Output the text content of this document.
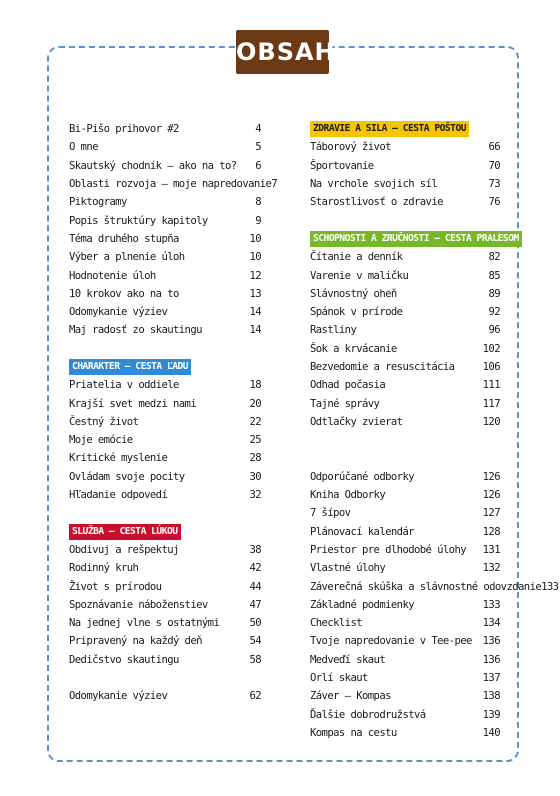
OBSAH
Bi-Pišo prihovor #2	4
O mne	5
Skautský chodník – ako na to? 6
Oblasti rozvoja – moje napredovanie 7
Piktogramy	8
Popis štruktúry kapitoly	9
Téma druhého stupňa	10
Výber a plnenie úloh	10
Hodnotenie úloh	12
10 krokov ako na to	13
Odomykanie výziev	14
Maj radosť zo skautingu	14
CHARAKTER – CESTA ĽADU
Priatelia v oddiele	18
Krajší svet medzi nami	20
Čestný život	22
Moje emócie	25
Kritické myslenie	28
Ovládam svoje pocity	30
Hľadanie odpovedí	32
SLUŽBA – CESTA LÚKOU
Obdivuj a rešpektuj	38
Rodinný kruh	42
Život s prírodou	44
Spoznávanie náboženstiev	47
Na jednej vlne s ostatnými	50
Pripravený na každý deň	54
Dedičstvo skautingu	58
Odomykanie výziev	62
ZDRAVIE A SILA – CESTA POŠTOU
Táborový život	66
Športovanie	70
Na vrchole svojich síl	73
Starostlivosť o zdravie	76
SCHOPNOSTI A ZRUČNOSTI – CESTA PRALESOM
Čítanie a denník	82
Varenie v maličku	85
Slávnostný oheň	89
Spánok v prírode	92
Rastliny	96
Šok a krvácanie	102
Bezvedomie a resuscitácia	106
Odhad počasia	111
Tajné správy	117
Odtlačky zvierat	120
Odporúčané odborky	126
Kniha Odborky	126
7 šípov	127
Plánovací kalendár	128
Priestor pre dlhodobé úlohy 131
Vlastné úlohy	132
Záverečná skúška a slávnostné odovzdanie 133
Základné podmienky	133
Checklist	134
Tvoje napredovanie v Tee-pee 136
Medveďí skaut	136
Orlí skaut	137
Záver – Kompas	138
Ďalšie dobrodružstvá	139
Kompas na cestu	140
